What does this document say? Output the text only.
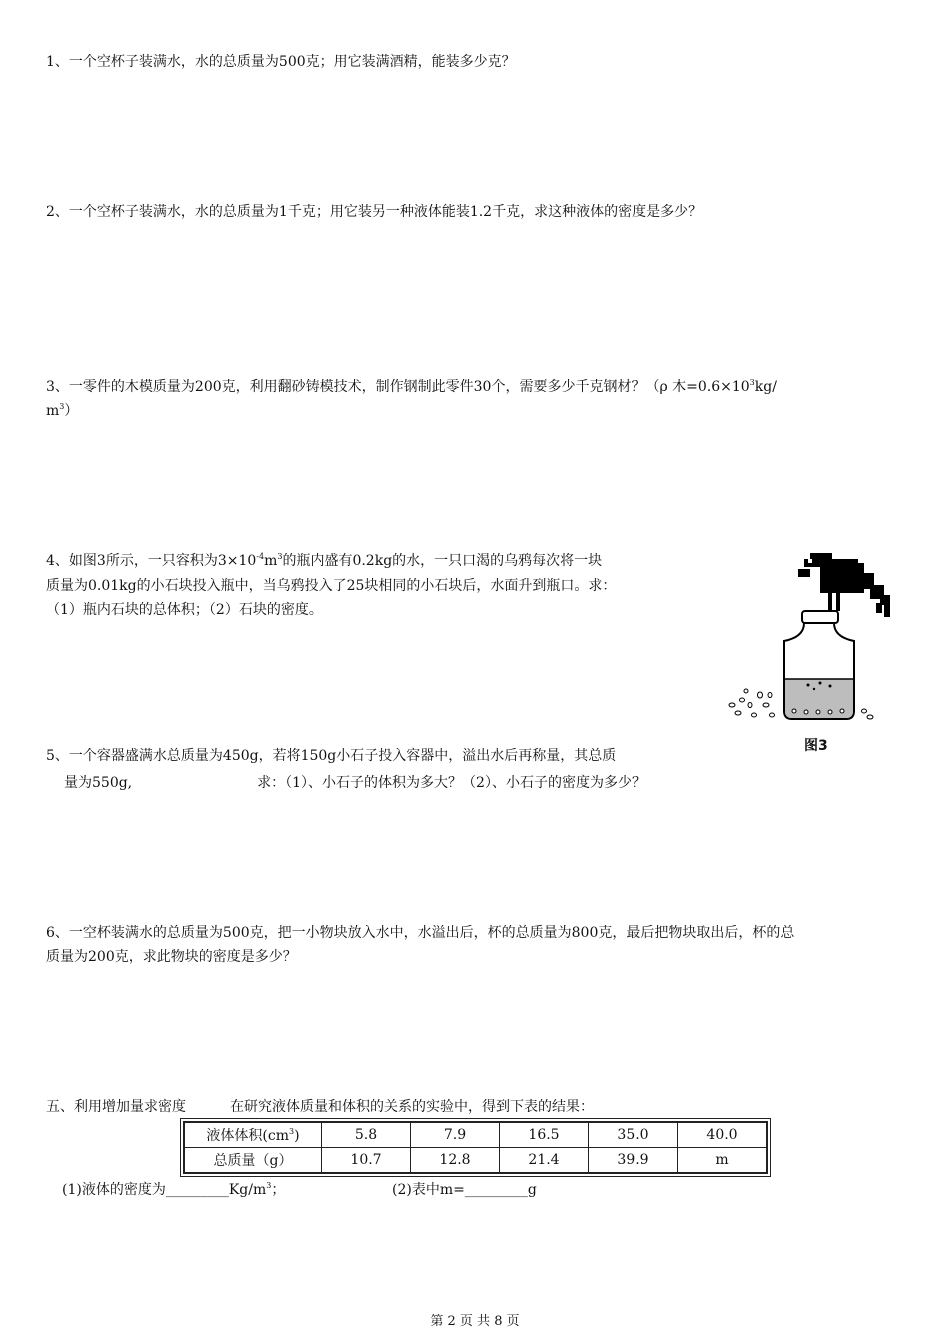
1、一个空杯子装满水，水的总质量为500克；用它装满酒精，能装多少克？
2、一个空杯子装满水，水的总质量为1千克；用它装另一种液体能装1.2千克，求这种液体的密度是多少？
3、一零件的木模质量为200克，利用翻砂铸模技术，制作钢制此零件30个，需要多少千克钢材？（ρ 木$=0.6\times 10^3kg/$
$m^3$）
4、如图3所示，一只容积为$3\times 10^{-4}m^3$的瓶内盛有0.2kg的水，一只口渴的乌鸦每次将一块
质量为0.01kg的小石块投入瓶中，当乌鸦投入了25块相同的小石块后，水面升到瓶口。求：
（1）瓶内石块的总体积；（2）石块的密度。
图3
5、一个容器盛满水总质量为450g，若将150g小石子投入容器中，溢出水后再称量，其总质
量为550g,	求：（1）、小石子的体积为多大？（2）、小石子的密度为多少？
6、一空杯装满水的总质量为500克，把一小物块放入水中，水溢出后，杯的总质量为800克，最后把物块取出后，杯的总
质量为200克，求此物块的密度是多少？
五、利用增加量求密度	在研究液体质量和体积的关系的实验中，得到下表的结果：
液体体积$(cm^3)$	5.8	7.9	16.5	35.0	40.0
总质量（g）	10.7	12.8	21.4	39.9	m
(1)液体的密度为$\_\_\_\_\_\_\_\_\_Kg/m^3$；	(2)表中m=_________g
第 2 页 共 8 页
